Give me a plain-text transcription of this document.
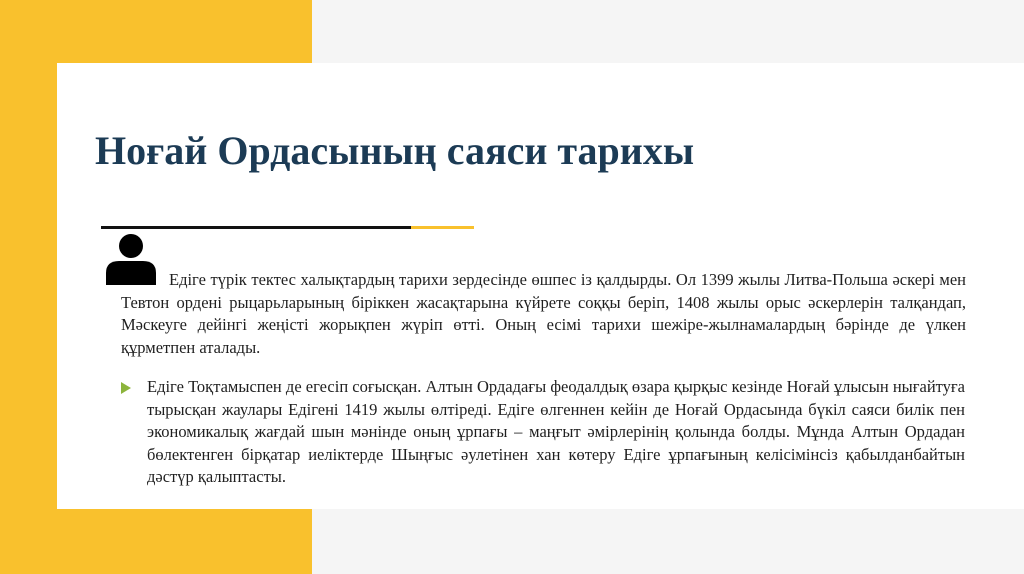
Ноғай Ордасының саяси тарихы

Едіге түрік тектес халықтардың тарихи зердесінде өшпес із қалдырды. Ол 1399 жылы Литва-Польша әскері мен Тевтон ордені рыцарьларының біріккен жасақтарына күйрете соққы беріп, 1408 жылы орыс әскерлерін талқандап, Мәскеуге дейінгі жеңісті жорықпен жүріп өтті. Оның есімі тарихи шежіре-жылнамалардың бәрінде де үлкен құрметпен аталады.

Едіге Тоқтамыспен де егесіп соғысқан. Алтын Ордадағы феодалдық өзара қырқыс кезінде Ноғай ұлысын нығайтуға тырысқан жаулары Едігені 1419 жылы өлтіреді. Едіге өлгеннен кейін де Ноғай Ордасында бүкіл саяси билік пен экономикалық жағдай шын мәнінде оның ұрпағы – маңғыт әмірлерінің қолында болды. Мұнда Алтын Ордадан бөлектенген бірқатар иеліктерде Шыңғыс әулетінен хан көтеру Едіге ұрпағының келісімінсіз қабылданбайтын дәстүр қалыптасты.
